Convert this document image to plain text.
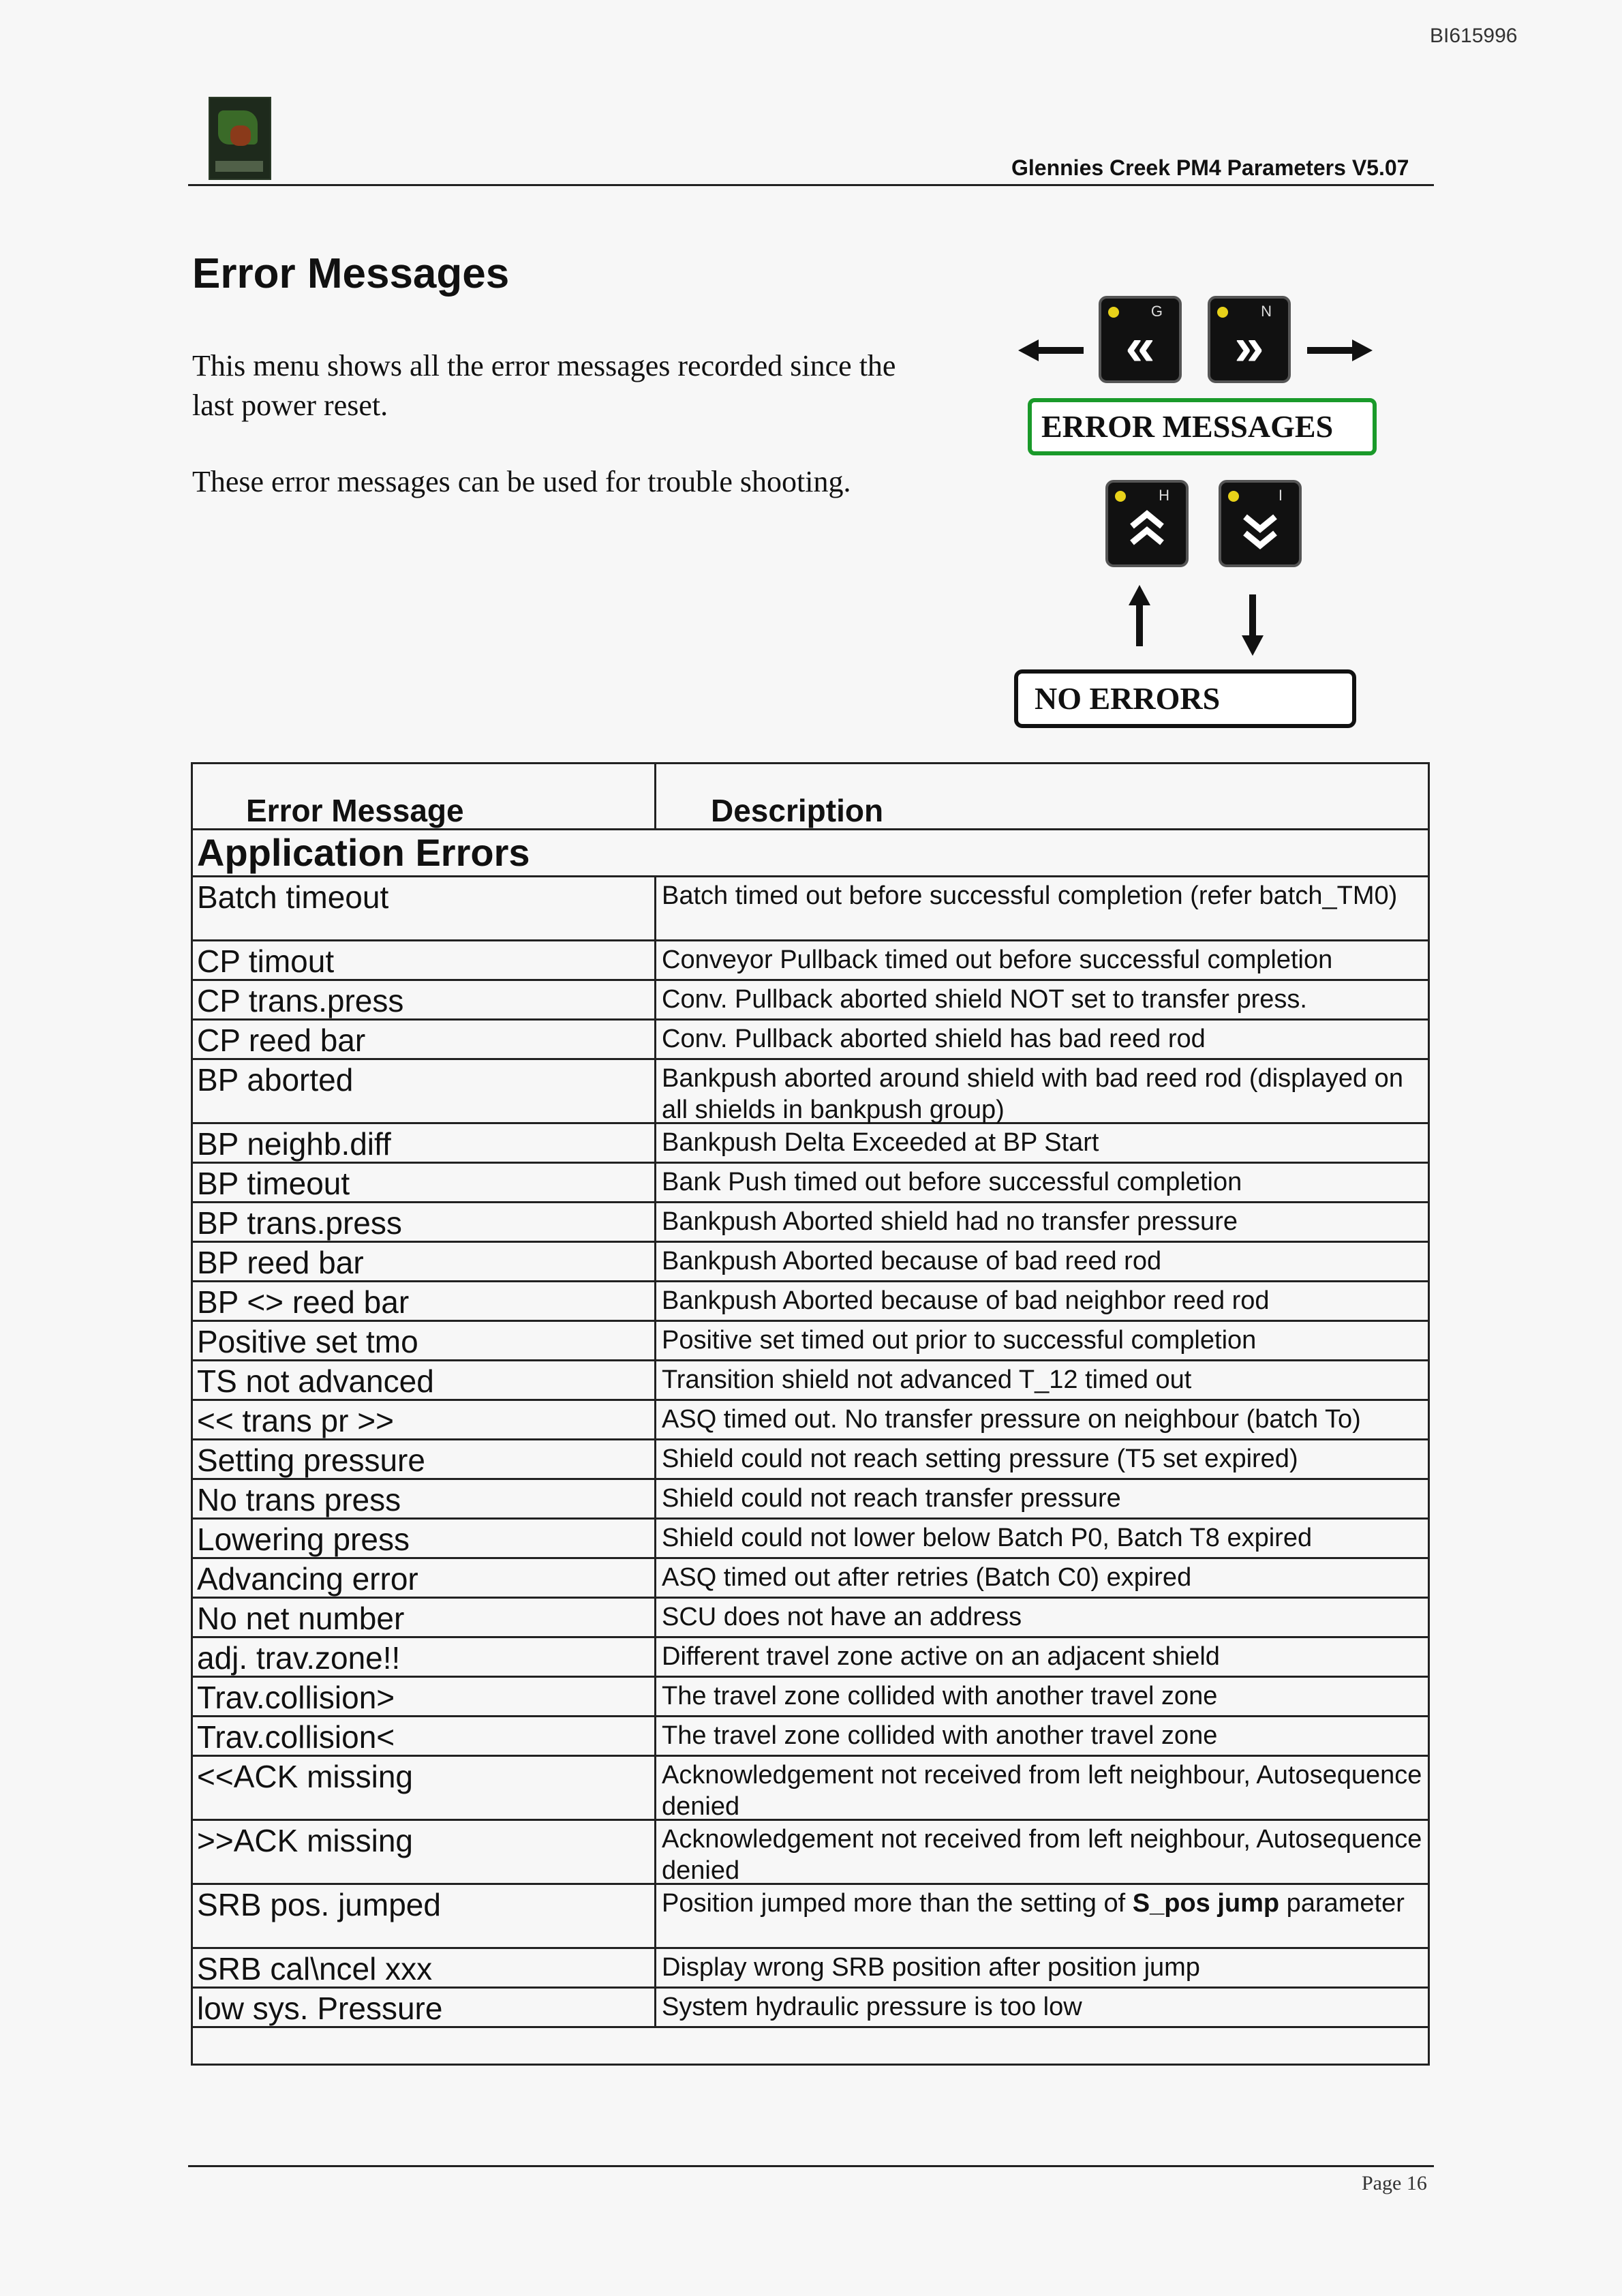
BI615996
Glennies Creek PM4 Parameters V5.07
Error Messages

This menu shows all the error messages recorded since the last power reset.

These error messages can be used for trouble shooting.

G
«
N
»
ERROR MESSAGES
H	I
NO ERRORS
Error Message	Description
Application Errors
Batch timeout	Batch timed out before successful completion (refer batch_TM0)
CP timout	Conveyor Pullback timed out before successful completion
CP trans.press	Conv. Pullback aborted shield NOT set to transfer press.
CP reed bar	Conv. Pullback aborted shield has bad reed rod
BP aborted	Bankpush aborted around shield with bad reed rod (displayed on all shields in bankpush group)
BP neighb.diff	Bankpush Delta Exceeded at BP Start
BP timeout	Bank Push timed out before successful completion
BP trans.press	Bankpush Aborted shield had no transfer pressure
BP reed bar	Bankpush Aborted because of bad reed rod
BP <> reed bar	Bankpush Aborted because of bad neighbor reed rod
Positive set tmo	Positive set timed out prior to successful completion
TS not advanced	Transition shield not advanced T_12 timed out
<< trans pr >>	ASQ timed out. No transfer pressure on neighbour (batch To)
Setting pressure	Shield could not reach setting pressure (T5 set expired)
No trans press	Shield could not reach transfer pressure
Lowering press	Shield could not lower below Batch P0, Batch T8 expired
Advancing error	ASQ timed out after retries (Batch C0) expired
No net number	SCU does not have an address
adj. trav.zone!!	Different travel zone active on an adjacent shield
Trav.collision>	The travel zone collided with another travel zone
Trav.collision<	The travel zone collided with another travel zone
<<ACK missing	Acknowledgement not received from left neighbour, Autosequence denied
>>ACK missing	Acknowledgement not received from left neighbour, Autosequence denied
SRB pos. jumped	Position jumped more than the setting of S_pos jump parameter
SRB cal\ncel xxx	Display wrong SRB position after position jump
low sys. Pressure	System hydraulic pressure is too low
Page 16
